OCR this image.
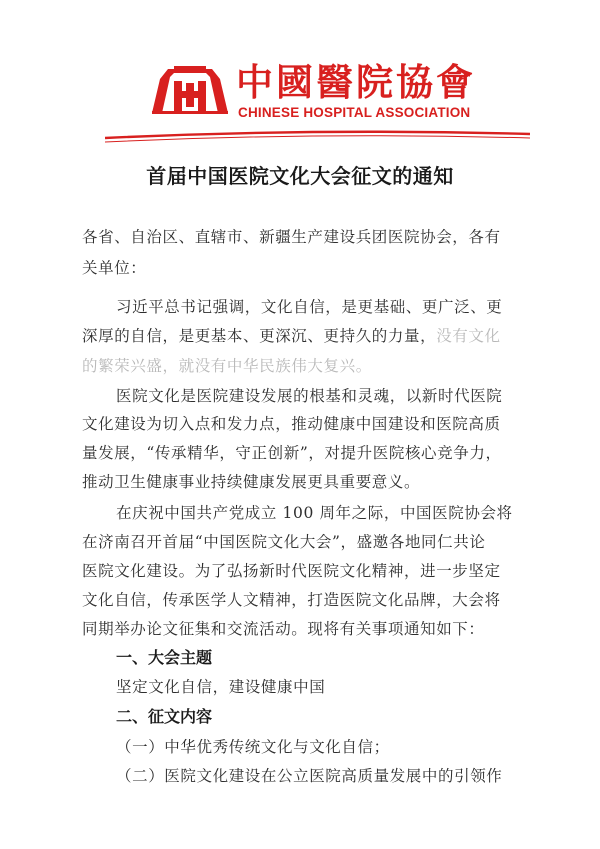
中國醫院協會
CHINESE HOSPITAL ASSOCIATION
首届中国医院文化大会征文的通知
各省、自治区、直辖市、新疆生产建设兵团医院协会，各有
关单位：
习近平总书记强调，文化自信，是更基础、更广泛、更
深厚的自信，是更基本、更深沉、更持久的力量，没有文化
的繁荣兴盛，就没有中华民族伟大复兴。
医院文化是医院建设发展的根基和灵魂，以新时代医院
文化建设为切入点和发力点，推动健康中国建设和医院高质
量发展，“传承精华，守正创新”，对提升医院核心竞争力，
推动卫生健康事业持续健康发展更具重要意义。
在庆祝中国共产党成立 100 周年之际，中国医院协会将
在济南召开首届“中国医院文化大会”，盛邀各地同仁共论
医院文化建设。为了弘扬新时代医院文化精神，进一步坚定
文化自信，传承医学人文精神，打造医院文化品牌，大会将
同期举办论文征集和交流活动。现将有关事项通知如下：
一、大会主题
坚定文化自信，建设健康中国
二、征文内容
（一）中华优秀传统文化与文化自信；
（二）医院文化建设在公立医院高质量发展中的引领作
